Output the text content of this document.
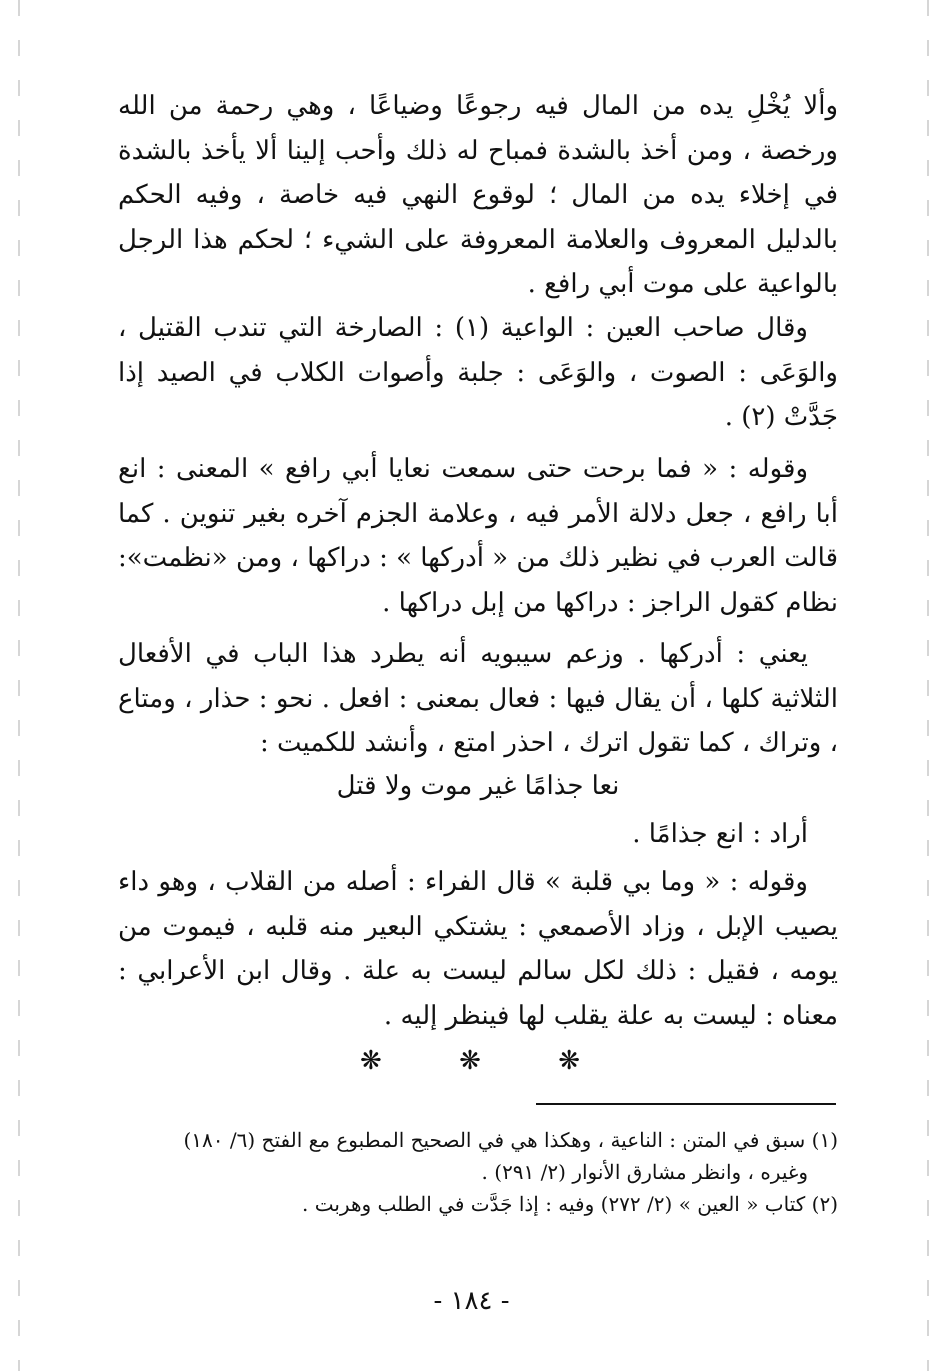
وألا يُخْلِ يده من المال فيه رجوعًا وضياعًا ، وهي رحمة من الله ورخصة ، ومن أخذ بالشدة فمباح له ذلك وأحب إلينا ألا يأخذ بالشدة في إخلاء يده من المال ؛ لوقوع النهي فيه خاصة ، وفيه الحكم بالدليل المعروف والعلامة المعروفة على الشيء ؛ لحكم هذا الرجل بالواعية على موت أبي رافع .

وقال صاحب العين : الواعية (١) : الصارخة التي تندب القتيل ، والوَعَى : الصوت ، والوَعَى : جلبة وأصوات الكلاب في الصيد إذا جَدَّتْ (٢) .

وقوله : « فما برحت حتى سمعت نعايا أبي رافع » المعنى : انع أبا رافع ، جعل دلالة الأمر فيه ، وعلامة الجزم آخره بغير تنوين . كما قالت العرب في نظير ذلك من « أدركها » : دراكها ، ومن «نظمت»: نظام كقول الراجز : دراكها من إبل دراكها .

يعني : أدركها . وزعم سيبويه أنه يطرد هذا الباب في الأفعال الثلاثية كلها ، أن يقال فيها : فعال بمعنى : افعل . نحو : حذار ، ومتاع ، وتراك ، كما تقول اترك ، احذر امتع ، وأنشد للكميت :

نعا جذامًا غير موت ولا قتل

أراد : انع جذامًا .

وقوله : « وما بي قلبة » قال الفراء : أصله من القلاب ، وهو داء يصيب الإبل ، وزاد الأصمعي : يشتكي البعير منه قلبه ، فيموت من يومه ، فقيل : ذلك لكل سالم ليست به علة . وقال ابن الأعرابي : معناه : ليست به علة يقلب لها فينظر إليه .

❋	❋	❋

(١) سبق في المتن : الناعية ، وهكذا هي في الصحيح المطبوع مع الفتح (٦/ ١٨٠)

وغيره ، وانظر مشارق الأنوار (٢/ ٢٩١) .

(٢) كتاب « العين » (٢/ ٢٧٢) وفيه : إذا جَدَّت في الطلب وهربت .

- ١٨٤ -
